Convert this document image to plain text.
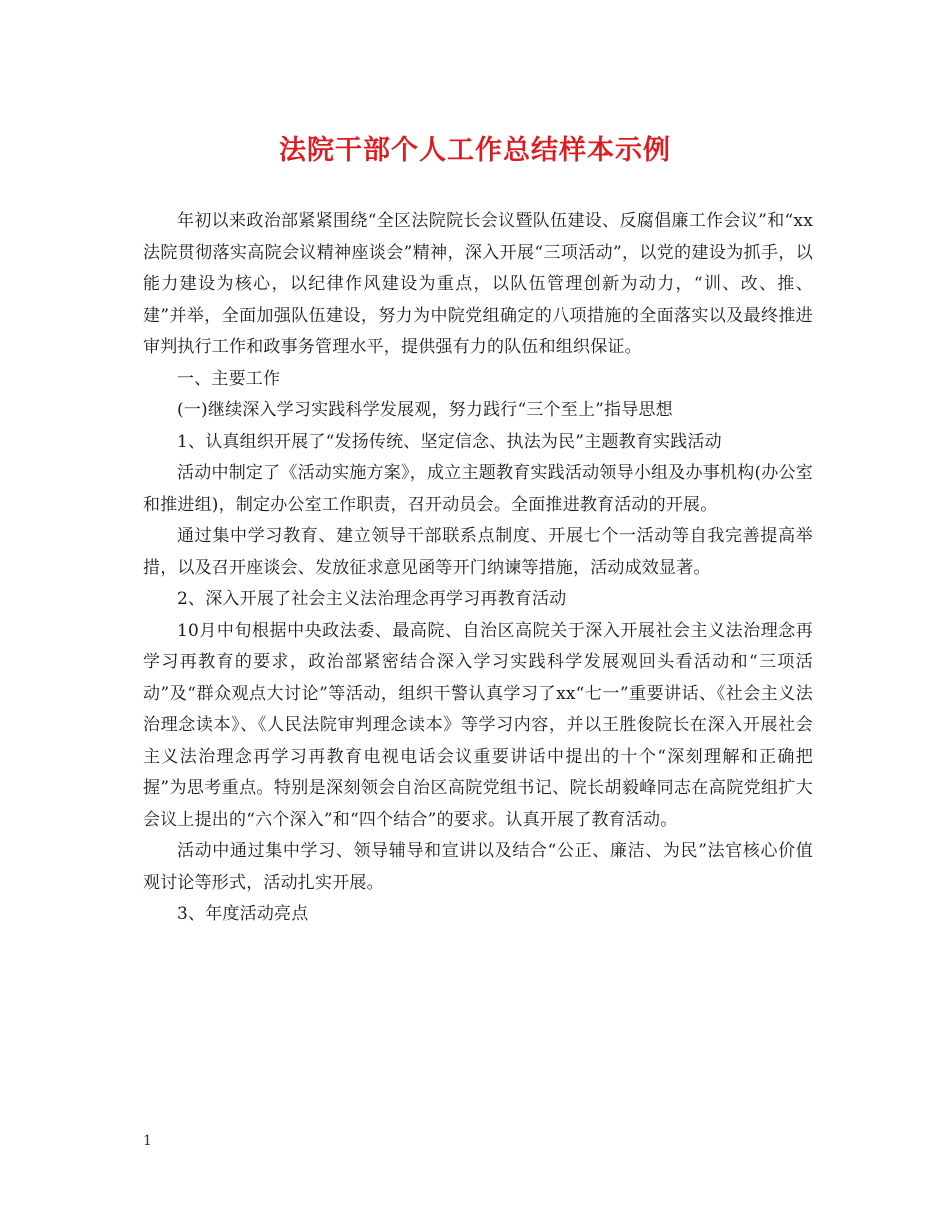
法院干部个人工作总结样本示例

年初以来政治部紧紧围绕“全区法院院长会议暨队伍建设、反腐倡廉工作会议”和“xx法院贯彻落实高院会议精神座谈会”精神，深入开展“三项活动”，以党的建设为抓手，以能力建设为核心，以纪律作风建设为重点，以队伍管理创新为动力，“训、改、推、建”并举，全面加强队伍建设，努力为中院党组确定的八项措施的全面落实以及最终推进审判执行工作和政事务管理水平，提供强有力的队伍和组织保证。

一、主要工作

(一)继续深入学习实践科学发展观，努力践行“三个至上”指导思想

1、认真组织开展了“发扬传统、坚定信念、执法为民”主题教育实践活动

活动中制定了《活动实施方案》，成立主题教育实践活动领导小组及办事机构(办公室和推进组)，制定办公室工作职责，召开动员会。全面推进教育活动的开展。

通过集中学习教育、建立领导干部联系点制度、开展七个一活动等自我完善提高举措，以及召开座谈会、发放征求意见函等开门纳谏等措施，活动成效显著。

2、深入开展了社会主义法治理念再学习再教育活动

10月中旬根据中央政法委、最高院、自治区高院关于深入开展社会主义法治理念再学习再教育的要求，政治部紧密结合深入学习实践科学发展观回头看活动和“三项活动”及“群众观点大讨论”等活动，组织干警认真学习了xx“七一”重要讲话、《社会主义法治理念读本》、《人民法院审判理念读本》等学习内容，并以王胜俊院长在深入开展社会主义法治理念再学习再教育电视电话会议重要讲话中提出的十个“深刻理解和正确把握”为思考重点。特别是深刻领会自治区高院党组书记、院长胡毅峰同志在高院党组扩大会议上提出的“六个深入”和“四个结合”的要求。认真开展了教育活动。

活动中通过集中学习、领导辅导和宣讲以及结合“公正、廉洁、为民”法官核心价值观讨论等形式，活动扎实开展。

3、年度活动亮点

1
